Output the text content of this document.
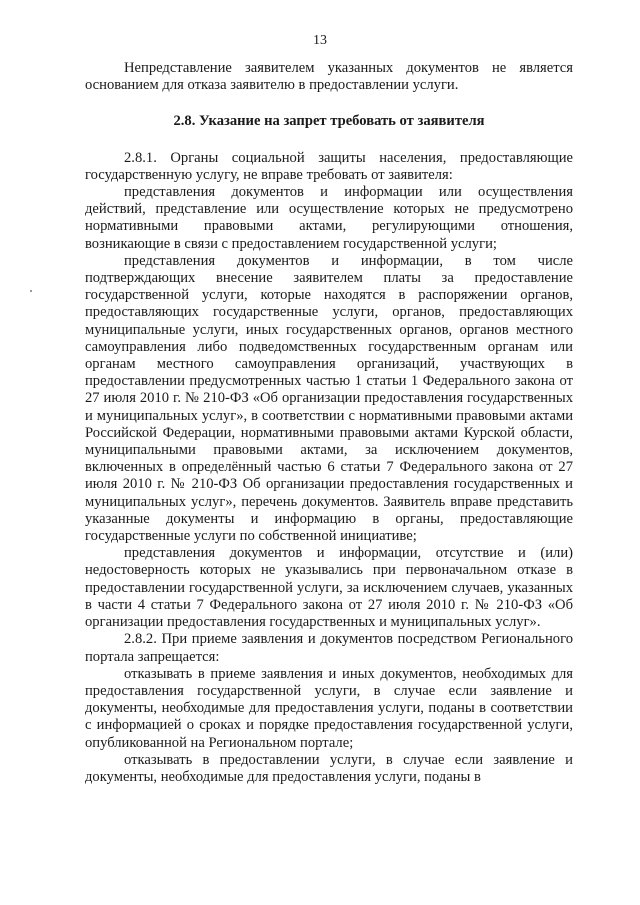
13

Непредставление заявителем указанных документов не является основанием для отказа заявителю в предоставлении услуги.

2.8. Указание на запрет требовать от заявителя

2.8.1. Органы социальной защиты населения, предоставляющие государственную услугу, не вправе требовать от заявителя:

представления документов и информации или осуществления действий, представление или осуществление которых не предусмотрено нормативными правовыми актами, регулирующими отношения, возникающие в связи с предоставлением государственной услуги;

представления документов и информации, в том числе подтверждающих внесение заявителем платы за предоставление государственной услуги, которые находятся в распоряжении органов, предоставляющих государственные услуги, органов, предоставляющих муниципальные услуги, иных государственных органов, органов местного самоуправления либо подведомственных государственным органам или органам местного самоуправления организаций, участвующих в предоставлении предусмотренных частью 1 статьи 1 Федерального закона от 27 июля 2010 г. № 210-ФЗ «Об организации предоставления государственных и муниципальных услуг», в соответствии с нормативными правовыми актами Российской Федерации, нормативными правовыми актами Курской области, муниципальными правовыми актами, за исключением документов, включенных в определённый частью 6 статьи 7 Федерального закона от 27 июля 2010 г. № 210-ФЗ Об организации предоставления государственных и муниципальных услуг», перечень документов. Заявитель вправе представить указанные документы и информацию в органы, предоставляющие государственные услуги по собственной инициативе;

представления документов и информации, отсутствие и (или) недостоверность которых не указывались при первоначальном отказе в предоставлении государственной услуги, за исключением случаев, указанных в части 4 статьи 7 Федерального закона от 27 июля 2010 г. № 210-ФЗ «Об организации предоставления государственных и муниципальных услуг».

2.8.2. При приеме заявления и документов посредством Регионального портала запрещается:

отказывать в приеме заявления и иных документов, необходимых для предоставления государственной услуги, в случае если заявление и документы, необходимые для предоставления услуги, поданы в соответствии с информацией о сроках и порядке предоставления государственной услуги, опубликованной на Региональном портале;

отказывать в предоставлении услуги, в случае если заявление и документы, необходимые для предоставления услуги, поданы в
